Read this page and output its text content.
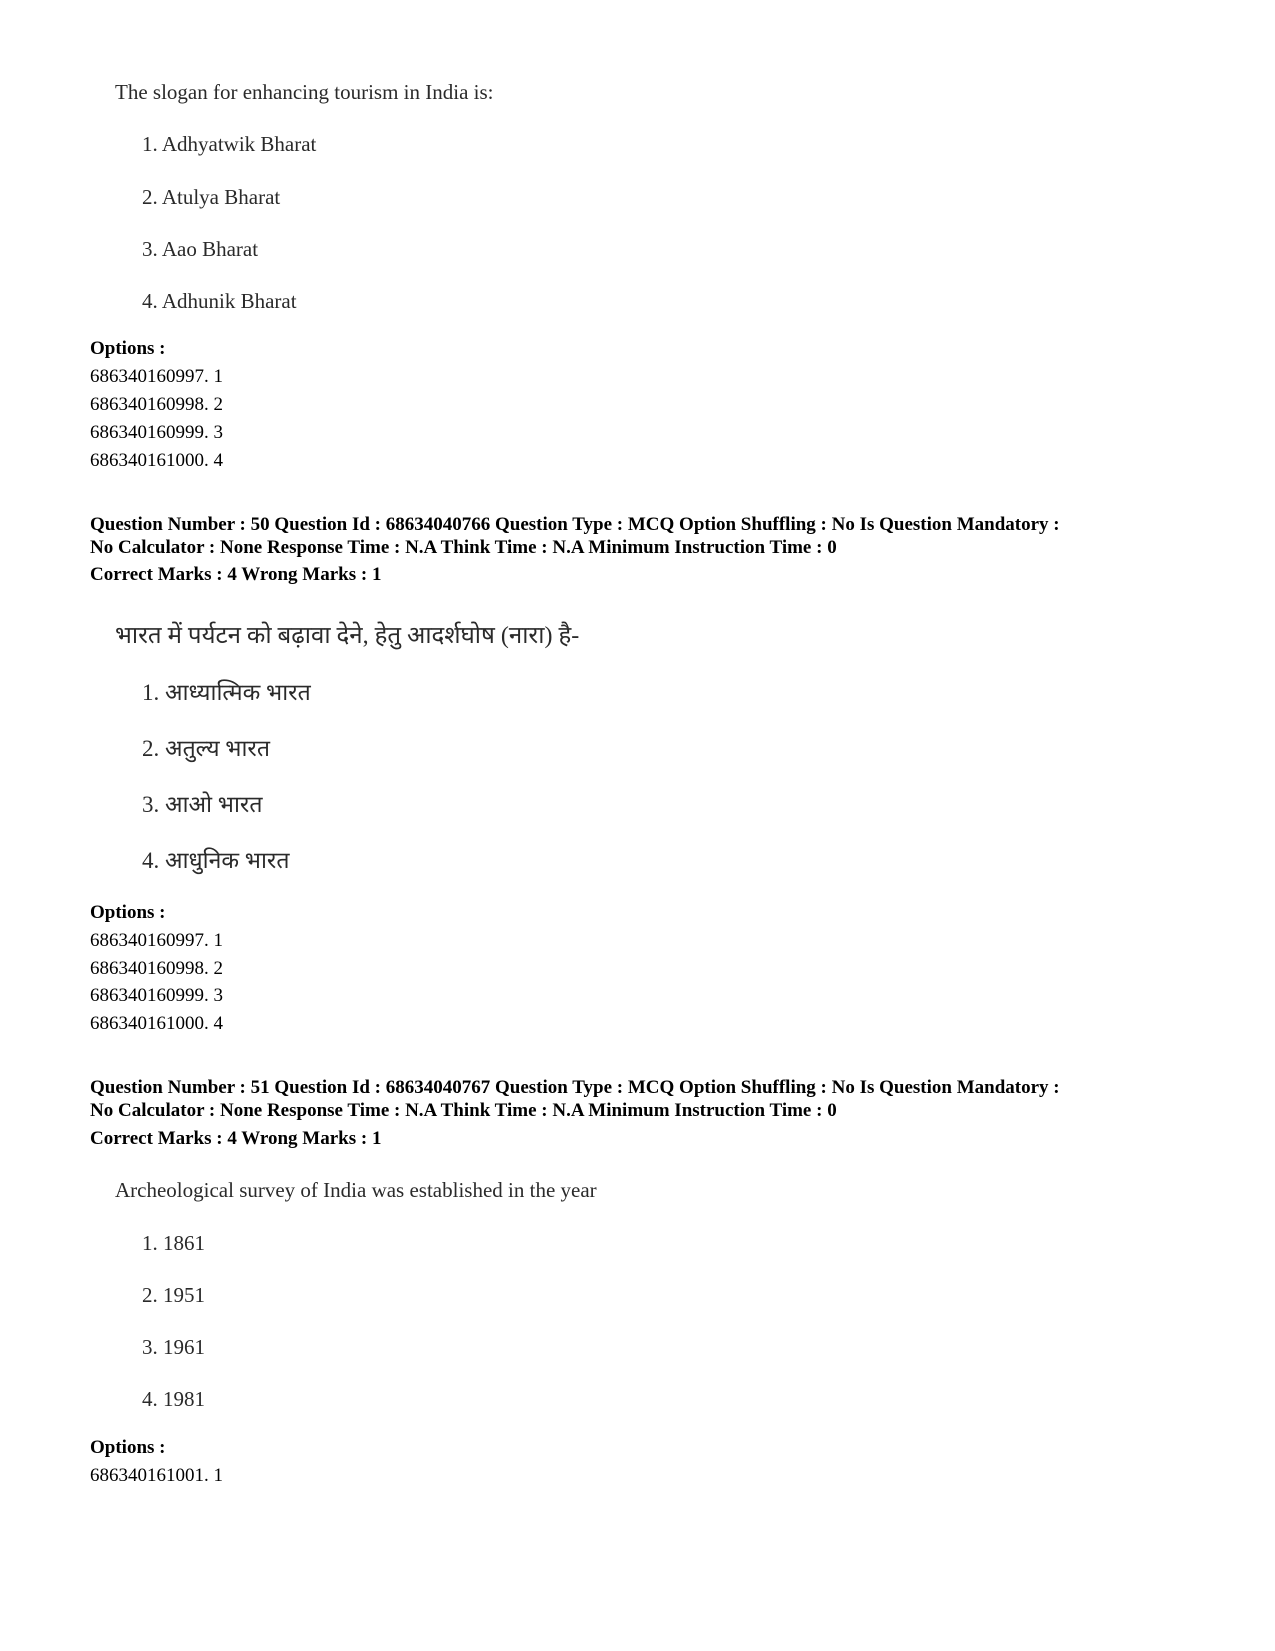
The slogan for enhancing tourism in India is:
1. Adhyatwik Bharat
2. Atulya Bharat
3. Aao Bharat
4. Adhunik Bharat
Options :
686340160997. 1
686340160998. 2
686340160999. 3
686340161000. 4
Question Number : 50 Question Id : 68634040766 Question Type : MCQ Option Shuffling : No Is Question Mandatory :
No Calculator : None Response Time : N.A Think Time : N.A Minimum Instruction Time : 0
Correct Marks : 4 Wrong Marks : 1
भारत में पर्यटन को बढ़ावा देने, हेतु आदर्शघोष (नारा) है-
1. आध्यात्मिक भारत
2. अतुल्य भारत
3. आओ भारत
4. आधुनिक भारत
Options :
686340160997. 1
686340160998. 2
686340160999. 3
686340161000. 4
Question Number : 51 Question Id : 68634040767 Question Type : MCQ Option Shuffling : No Is Question Mandatory :
No Calculator : None Response Time : N.A Think Time : N.A Minimum Instruction Time : 0
Correct Marks : 4 Wrong Marks : 1
Archeological survey of India was established in the year
1. 1861
2. 1951
3. 1961
4. 1981
Options :
686340161001. 1
